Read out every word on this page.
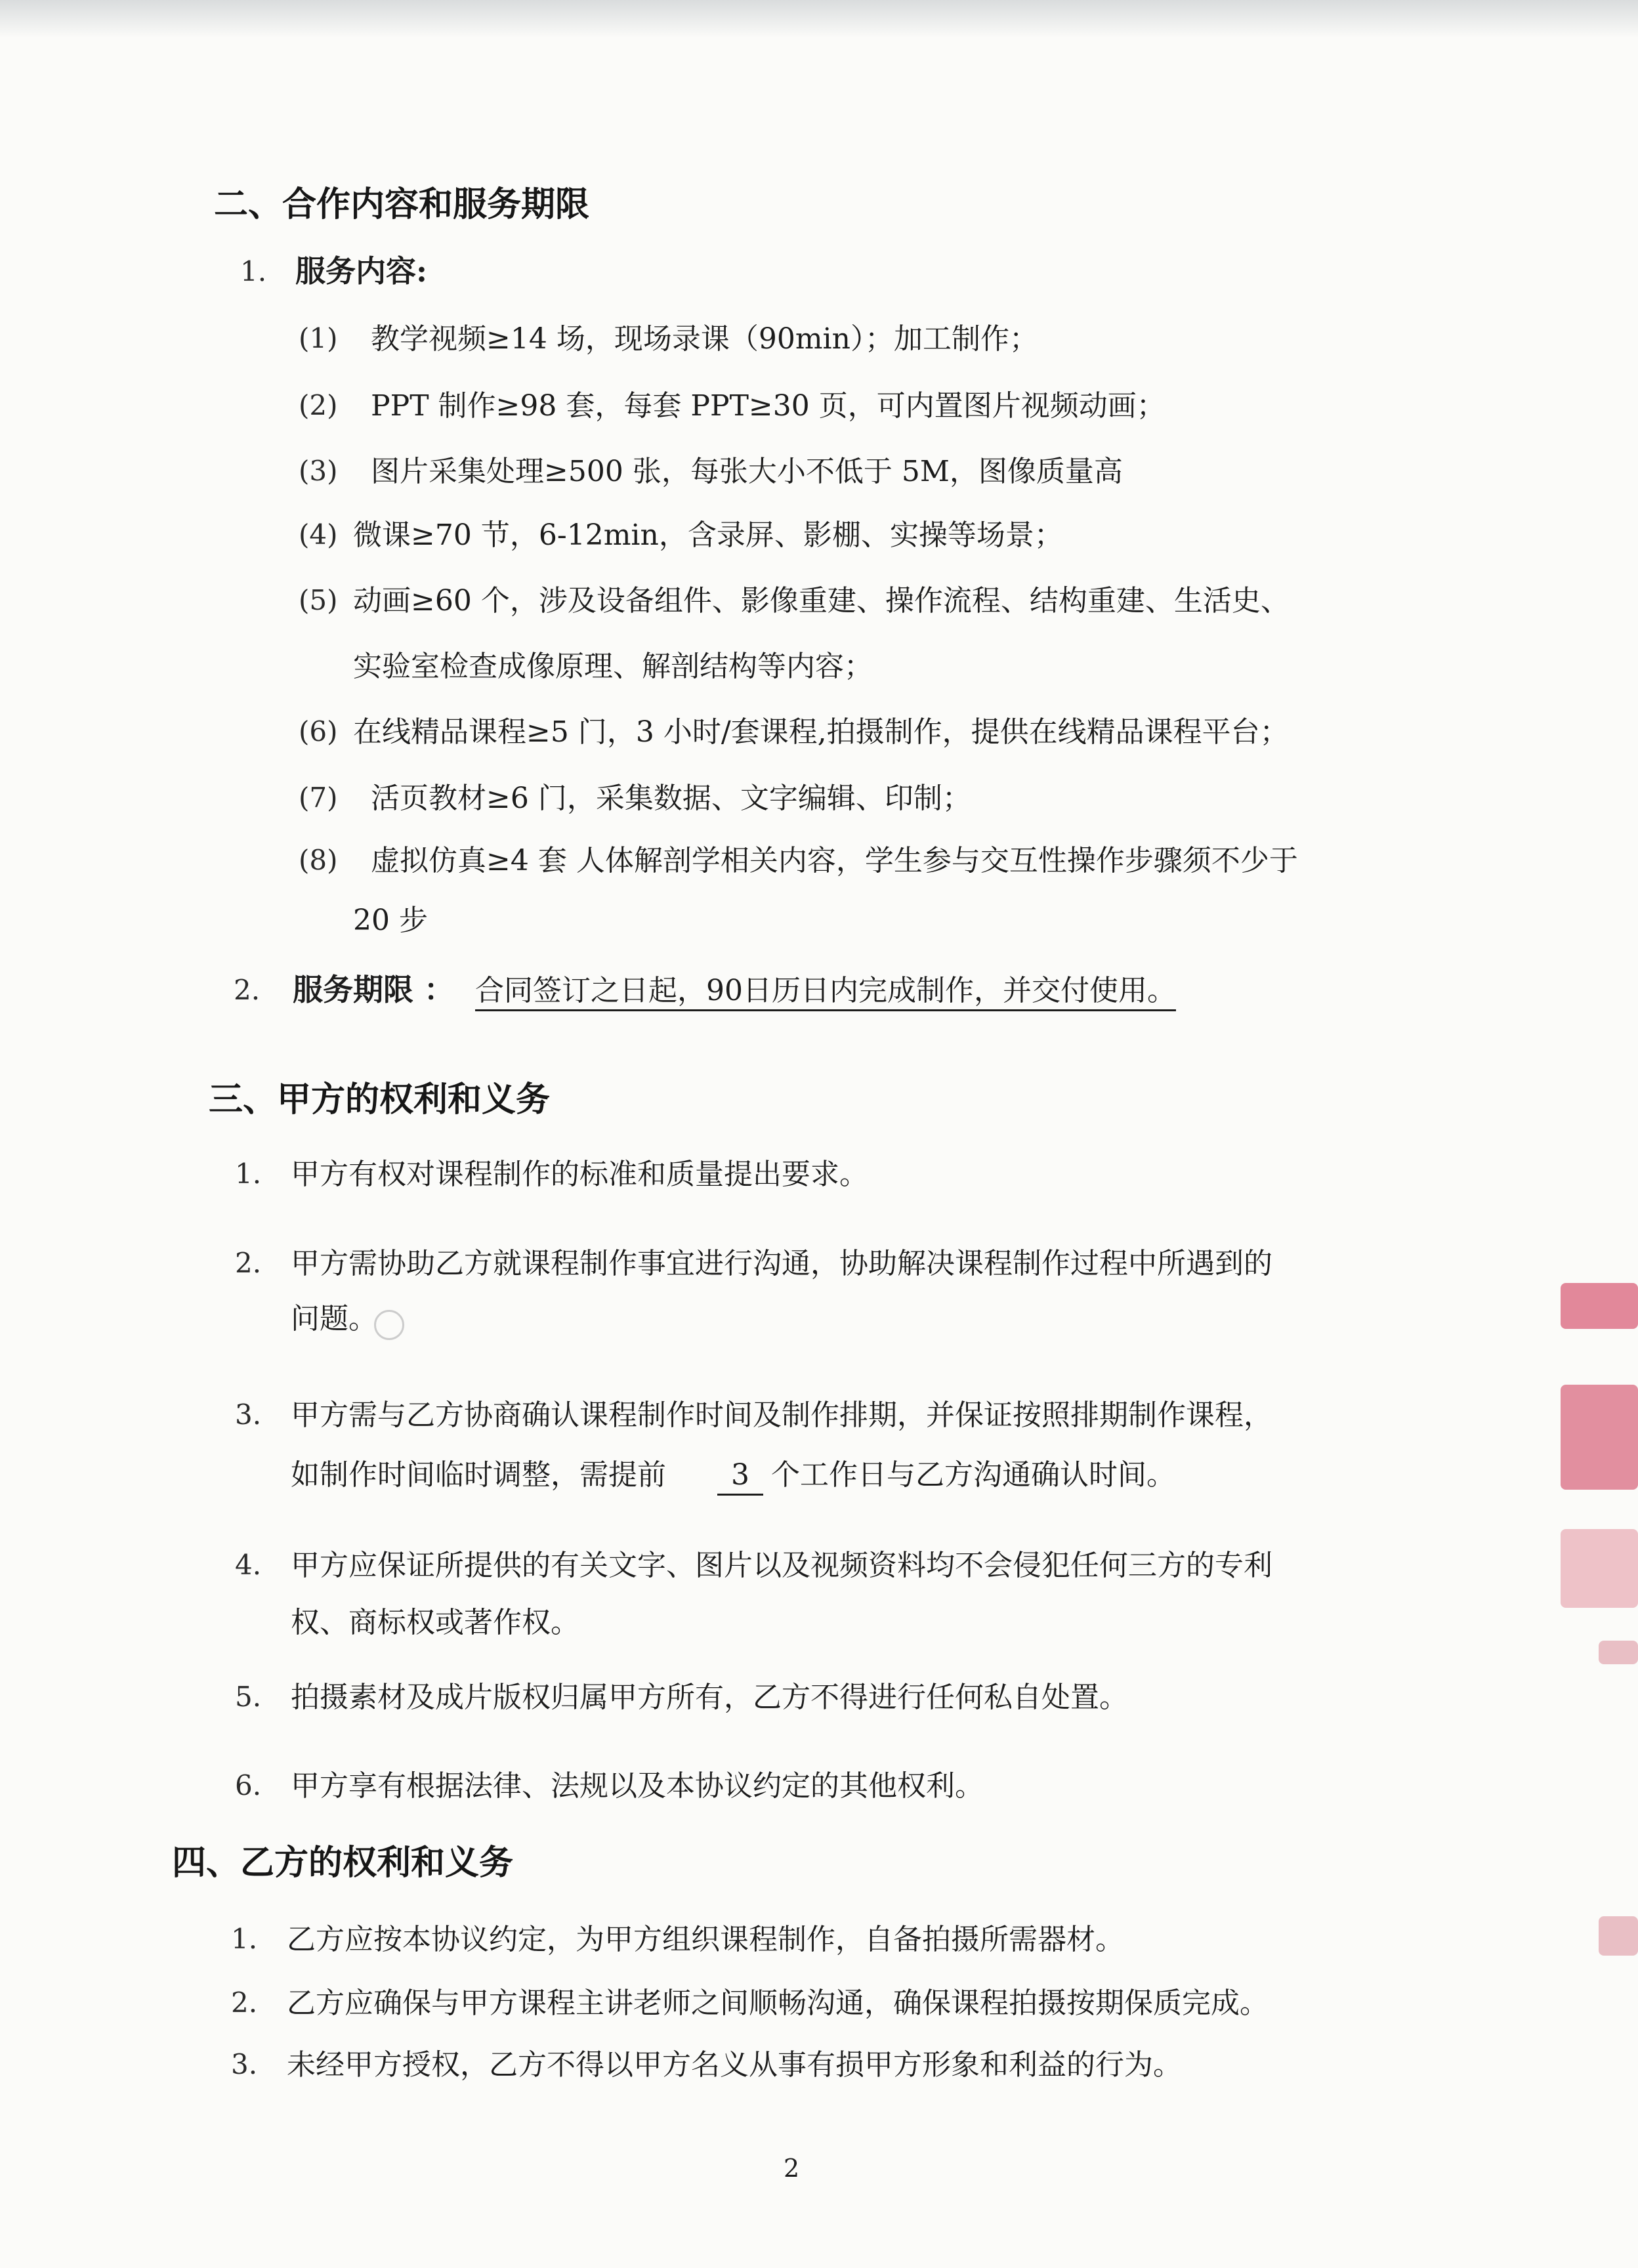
二、合作内容和服务期限
1. 服务内容:
(1) 教学视频≥14 场，现场录课（90min）；加工制作；
(2) PPT 制作≥98 套，每套 PPT≥30 页，可内置图片视频动画；
(3) 图片采集处理≥500 张，每张大小不低于 5M，图像质量高
(4) 微课≥70 节，6-12min，含录屏、影棚、实操等场景；
(5) 动画≥60 个，涉及设备组件、影像重建、操作流程、结构重建、生活史、
实验室检查成像原理、解剖结构等内容；
(6) 在线精品课程≥5 门，3 小时/套课程,拍摄制作，提供在线精品课程平台；
(7) 活页教材≥6 门，采集数据、文字编辑、印制；
(8) 虚拟仿真≥4 套 人体解剖学相关内容，学生参与交互性操作步骤须不少于
20 步
2. 服务期限 ： 合同签订之日起，90日历日内完成制作，并交付使用。
三、甲方的权利和义务
1. 甲方有权对课程制作的标准和质量提出要求。
2. 甲方需协助乙方就课程制作事宜进行沟通，协助解决课程制作过程中所遇到的
问题。
3. 甲方需与乙方协商确认课程制作时间及制作排期，并保证按照排期制作课程，
如制作时间临时调整，需提前	3 个工作日与乙方沟通确认时间。
4. 甲方应保证所提供的有关文字、图片以及视频资料均不会侵犯任何三方的专利
权、商标权或著作权。
5. 拍摄素材及成片版权归属甲方所有，乙方不得进行任何私自处置。
6. 甲方享有根据法律、法规以及本协议约定的其他权利。
四、乙方的权利和义务
1. 乙方应按本协议约定，为甲方组织课程制作，自备拍摄所需器材。
2. 乙方应确保与甲方课程主讲老师之间顺畅沟通，确保课程拍摄按期保质完成。
3. 未经甲方授权，乙方不得以甲方名义从事有损甲方形象和利益的行为。
2
